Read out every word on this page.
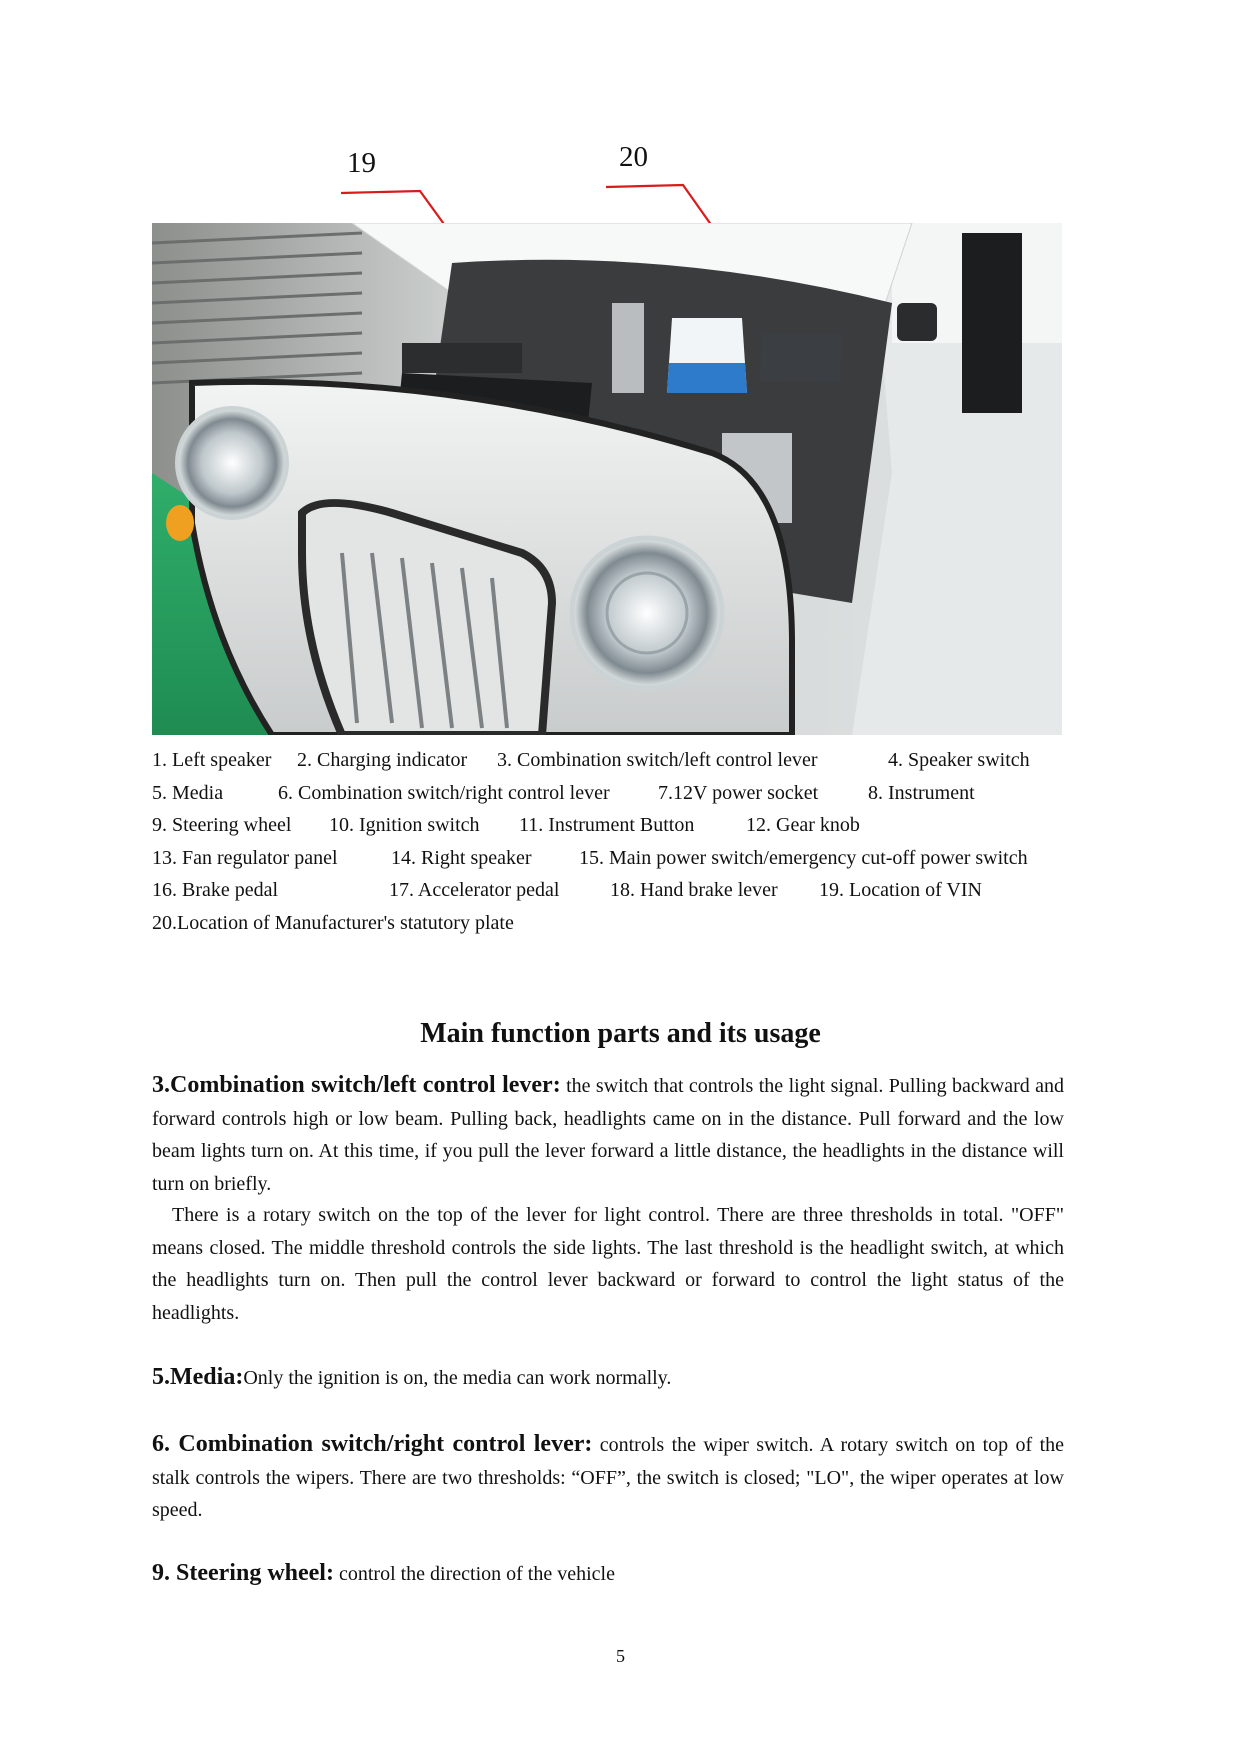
19	20
1. Left speaker 2. Charging indicator 3. Combination switch/left control lever	4. Speaker switch
5. Media	6. Combination switch/right control lever 7.12V power socket 8. Instrument
9. Steering wheel 10. Ignition switch 11. Instrument Button	12. Gear knob
13. Fan regulator panel	14. Right speaker 15. Main power switch/emergency cut-off power switch
16. Brake pedal	17. Accelerator pedal	18. Hand brake lever 19. Location of VIN
20.Location of Manufacturer's statutory plate
Main function parts and its usage
3.Combination switch/left control lever: the switch that controls the light signal. Pulling backward and forward controls high or low beam. Pulling back, headlights came on in the distance. Pull forward and the low beam lights turn on. At this time, if you pull the lever forward a little distance, the headlights in the distance will turn on briefly.
There is a rotary switch on the top of the lever for light control. There are three thresholds in total. "OFF" means closed. The middle threshold controls the side lights. The last threshold is the headlight switch, at which the headlights turn on. Then pull the control lever backward or forward to control the light status of the headlights.
5.Media:Only the ignition is on, the media can work normally.
6. Combination switch/right control lever: controls the wiper switch. A rotary switch on top of the stalk controls the wipers. There are two thresholds: “OFF”, the switch is closed; "LO", the wiper operates at low speed.
9. Steering wheel: control the direction of the vehicle
5
